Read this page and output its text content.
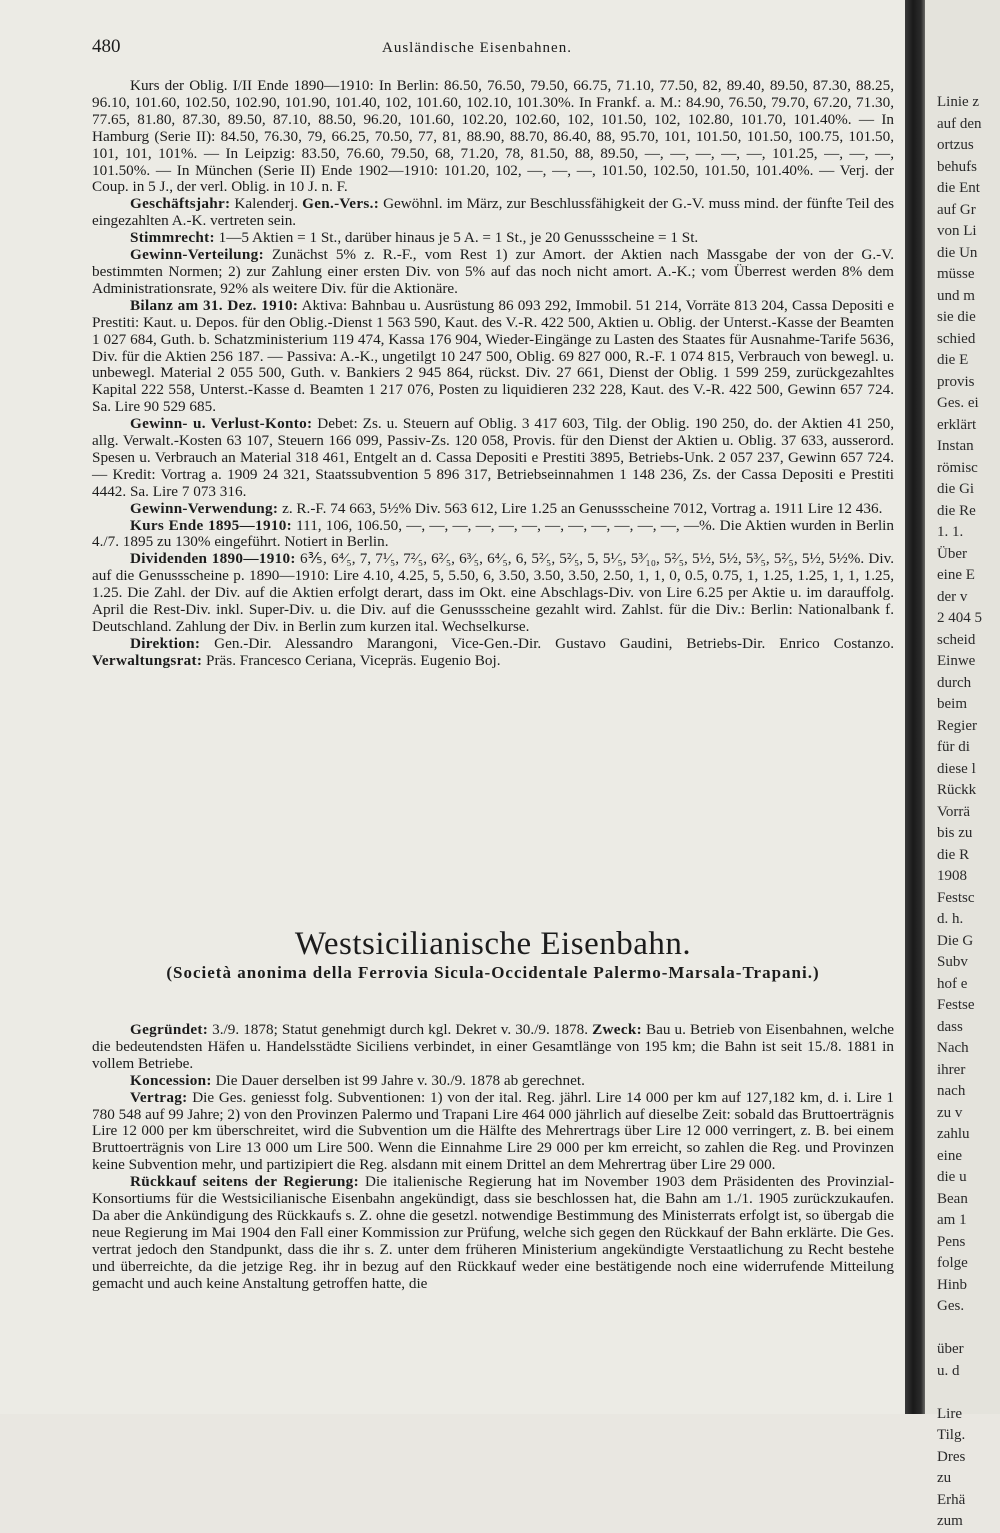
Linie z
auf den
ortzus
behufs
die Ent
auf Gr
von Li
die Un
müsse
und m
sie die
schied
die E
provis
Ges. ei
erklärt
Instan
römisc
die Gi
die Re
1. 1.
Über
eine E
der v
2 404 5
scheid
Einwe
durch
beim
Regier
für di
diese l
Rückk
Vorrä
bis zu
die R
1908
Festsc
d. h.
Die G
Subv
hof e
Festse
dass
Nach
ihrer
nach
zu v
zahlu
eine
die u
Bean
am 1
Pens
folge
Hinb
Ges.

über
u. d

Lire
Tilg.
Dres
zu
Erhä
zum
480	Ausländische Eisenbahnen.

Kurs der Oblig. I/II Ende 1890—1910: In Berlin: 86.50, 76.50, 79.50, 66.75, 71.10, 77.50, 82, 89.40, 89.50, 87.30, 88.25, 96.10, 101.60, 102.50, 102.90, 101.90, 101.40, 102, 101.60, 102.10, 101.30%. In Frankf. a. M.: 84.90, 76.50, 79.70, 67.20, 71.30, 77.65, 81.80, 87.30, 89.50, 87.10, 88.50, 96.20, 101.60, 102.20, 102.60, 102, 101.50, 102, 102.80, 101.70, 101.40%. — In Hamburg (Serie II): 84.50, 76.30, 79, 66.25, 70.50, 77, 81, 88.90, 88.70, 86.40, 88, 95.70, 101, 101.50, 101.50, 100.75, 101.50, 101, 101, 101%. — In Leipzig: 83.50, 76.60, 79.50, 68, 71.20, 78, 81.50, 88, 89.50, —, —, —, —, —, 101.25, —, —, —, 101.50%. — In München (Serie II) Ende 1902—1910: 101.20, 102, —, —, —, 101.50, 102.50, 101.50, 101.40%. — Verj. der Coup. in 5 J., der verl. Oblig. in 10 J. n. F.

Geschäftsjahr: Kalenderj. Gen.-Vers.: Gewöhnl. im März, zur Beschlussfähigkeit der G.-V. muss mind. der fünfte Teil des eingezahlten A.-K. vertreten sein.

Stimmrecht: 1—5 Aktien = 1 St., darüber hinaus je 5 A. = 1 St., je 20 Genussscheine = 1 St.

Gewinn-Verteilung: Zunächst 5% z. R.-F., vom Rest 1) zur Amort. der Aktien nach Massgabe der von der G.-V. bestimmten Normen; 2) zur Zahlung einer ersten Div. von 5% auf das noch nicht amort. A.-K.; vom Überrest werden 8% dem Administrationsrate, 92% als weitere Div. für die Aktionäre.

Bilanz am 31. Dez. 1910: Aktiva: Bahnbau u. Ausrüstung 86 093 292, Immobil. 51 214, Vorräte 813 204, Cassa Depositi e Prestiti: Kaut. u. Depos. für den Oblig.-Dienst 1 563 590, Kaut. des V.-R. 422 500, Aktien u. Oblig. der Unterst.-Kasse der Beamten 1 027 684, Guth. b. Schatzministerium 119 474, Kassa 176 904, Wieder-Eingänge zu Lasten des Staates für Ausnahme-Tarife 5636, Div. für die Aktien 256 187. — Passiva: A.-K., ungetilgt 10 247 500, Oblig. 69 827 000, R.-F. 1 074 815, Verbrauch von bewegl. u. unbewegl. Material 2 055 500, Guth. v. Bankiers 2 945 864, rückst. Div. 27 661, Dienst der Oblig. 1 599 259, zurückgezahltes Kapital 222 558, Unterst.-Kasse d. Beamten 1 217 076, Posten zu liquidieren 232 228, Kaut. des V.-R. 422 500, Gewinn 657 724. Sa. Lire 90 529 685.

Gewinn- u. Verlust-Konto: Debet: Zs. u. Steuern auf Oblig. 3 417 603, Tilg. der Oblig. 190 250, do. der Aktien 41 250, allg. Verwalt.-Kosten 63 107, Steuern 166 099, Passiv-Zs. 120 058, Provis. für den Dienst der Aktien u. Oblig. 37 633, ausserord. Spesen u. Verbrauch an Material 318 461, Entgelt an d. Cassa Depositi e Prestiti 3895, Betriebs-Unk. 2 057 237, Gewinn 657 724. — Kredit: Vortrag a. 1909 24 321, Staatssubvention 5 896 317, Betriebseinnahmen 1 148 236, Zs. der Cassa Depositi e Prestiti 4442. Sa. Lire 7 073 316.

Gewinn-Verwendung: z. R.-F. 74 663, 5½% Div. 563 612, Lire 1.25 an Genussscheine 7012, Vortrag a. 1911 Lire 12 436.

Kurs Ende 1895—1910: 111, 106, 106.50, —, —, —, —, —, —, —, —, —, —, —, —, —%. Die Aktien wurden in Berlin 4./7. 1895 zu 130% eingeführt. Notiert in Berlin.

Dividenden 1890—1910: 6⅗, 6⁴⁄₅, 7, 7¹⁄₅, 7²⁄₅, 6²⁄₅, 6³⁄₅, 6⁴⁄₅, 6, 5²⁄₅, 5²⁄₅, 5, 5¹⁄₅, 5³⁄₁₀, 5²⁄₅, 5½, 5½, 5³⁄₅, 5²⁄₅, 5½, 5½%. Div. auf die Genussscheine p. 1890—1910: Lire 4.10, 4.25, 5, 5.50, 6, 3.50, 3.50, 3.50, 2.50, 1, 1, 0, 0.5, 0.75, 1, 1.25, 1.25, 1, 1, 1.25, 1.25. Die Zahl. der Div. auf die Aktien erfolgt derart, dass im Okt. eine Abschlags-Div. von Lire 6.25 per Aktie u. im darauffolg. April die Rest-Div. inkl. Super-Div. u. die Div. auf die Genussscheine gezahlt wird. Zahlst. für die Div.: Berlin: Nationalbank f. Deutschland. Zahlung der Div. in Berlin zum kurzen ital. Wechselkurse.

Direktion: Gen.-Dir. Alessandro Marangoni, Vice-Gen.-Dir. Gustavo Gaudini, Betriebs-Dir. Enrico Costanzo. Verwaltungsrat: Präs. Francesco Ceriana, Vicepräs. Eugenio Boj.

Westsicilianische Eisenbahn.
(Società anonima della Ferrovia Sicula-Occidentale Palermo-Marsala-Trapani.)

Gegründet: 3./9. 1878; Statut genehmigt durch kgl. Dekret v. 30./9. 1878. Zweck: Bau u. Betrieb von Eisenbahnen, welche die bedeutendsten Häfen u. Handelsstädte Siciliens verbindet, in einer Gesamtlänge von 195 km; die Bahn ist seit 15./8. 1881 in vollem Betriebe.

Koncession: Die Dauer derselben ist 99 Jahre v. 30./9. 1878 ab gerechnet.

Vertrag: Die Ges. geniesst folg. Subventionen: 1) von der ital. Reg. jährl. Lire 14 000 per km auf 127,182 km, d. i. Lire 1 780 548 auf 99 Jahre; 2) von den Provinzen Palermo und Trapani Lire 464 000 jährlich auf dieselbe Zeit: sobald das Bruttoerträgnis Lire 12 000 per km überschreitet, wird die Subvention um die Hälfte des Mehrertrags über Lire 12 000 verringert, z. B. bei einem Bruttoerträgnis von Lire 13 000 um Lire 500. Wenn die Einnahme Lire 29 000 per km erreicht, so zahlen die Reg. und Provinzen keine Subvention mehr, und partizipiert die Reg. alsdann mit einem Drittel an dem Mehrertrag über Lire 29 000.

Rückkauf seitens der Regierung: Die italienische Regierung hat im November 1903 dem Präsidenten des Provinzial-Konsortiums für die Westsicilianische Eisenbahn angekündigt, dass sie beschlossen hat, die Bahn am 1./1. 1905 zurückzukaufen. Da aber die Ankündigung des Rückkaufs s. Z. ohne die gesetzl. notwendige Bestimmung des Ministerrats erfolgt ist, so übergab die neue Regierung im Mai 1904 den Fall einer Kommission zur Prüfung, welche sich gegen den Rückkauf der Bahn erklärte. Die Ges. vertrat jedoch den Standpunkt, dass die ihr s. Z. unter dem früheren Ministerium angekündigte Verstaatlichung zu Recht bestehe und überreichte, da die jetzige Reg. ihr in bezug auf den Rückkauf weder eine bestätigende noch eine widerrufende Mitteilung gemacht und auch keine Anstaltung getroffen hatte, die
